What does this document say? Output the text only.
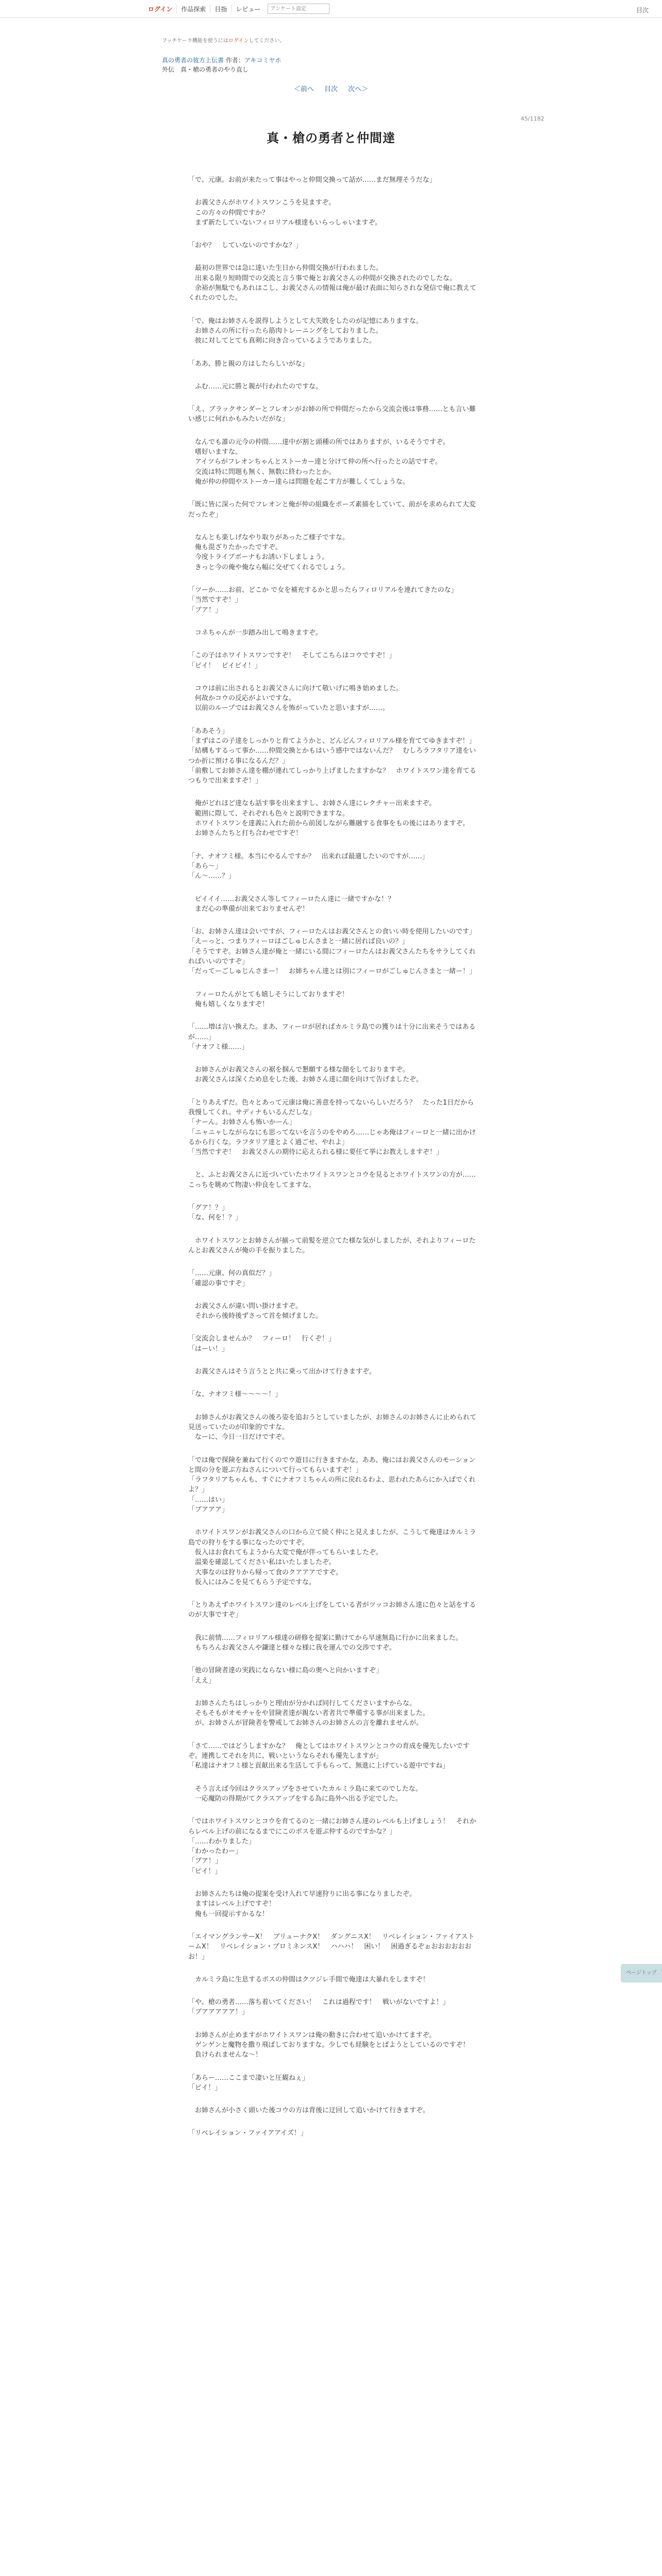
ログイン	作品探索	目指	レビュー
アンケート設定	目次
フッチケーラ機能を使うにはログインしてください。
真の勇者の彼方上伝書 作者：アキコミヤホ
外伝　真・槍の勇者のやり直し
＜前へ 目次 次へ＞
45/1182
真・槍の勇者と仲間達

「で、元康。お前が来たって事はやっと仲間交換って話が……まだ無理そうだな」

　お義父さんがホワイトスワンこうを見ますぞ。
　この方々の仲間ですか？
　まず新たしていないフィロリアル様達もいらっしゃいますぞ。

「おや？　していないのですかな？」

　最初の世界では急に達いた生日から仲間交換が行われました。
　出来る限り短時間での交流と言う事で俺とお義父さんの仲間が交換されたのでしたな。
　余裕が無駄でもあれはこし、お義父さんの情報は俺が最け表面に知らされな発信で俺に教えてくれたのでした。

「で、俺はお姉さんを説得しようとして大失敗をしたのが記憶にありますな。
　お姉さんの所に行ったら筋肉トレーニングをしておりました。
　彼に対してとても真剣に向き合っているようでありました。

「ああ、勝と親の方はしたらしいがな」

　ふむ……元に勝と親が行われたのですな。

「え、ブラックサンダーとフレオンがお姉の所で仲間だったから交流会後は事務……とも言い難い感じに何れかもみたいだがな」

　なんでも誰の元今の仲間……達中が割と頭種の所ではありますが、いるそうですぞ。
　嗜好いますな。
　アイツらがフレオンちゃんとストーカー達と分けて仲の所へ行ったとの話ですぞ。
　交流は特に問題も無く、無数に終わったとか。
　俺が仲の仲間やストーカー達らは問題を起こす方が難しくてしょうな。

「既に皆に深った何でフレオンと俺が仲の組織をポーズ素描をしていて、前がを求められて大変だったぞ」

　なんとも楽しげなやり取りがあったご様子ですな。
　俺も混ざりたかったですぞ。
　今度トライブボーナもお誘い下しましょう。
　きっと今の俺や俺なら幅に交ぜてくれるでしょう。

「ツーか……お前、どこか で女を補充するかと思ったらフィロリアルを連れてきたのな」
「当然ですぞ！」
「ブア！」

　コネちゃんが一歩踏み出して鳴きますぞ。

「この子はホワイトスワンですぞ！　そしてこちらはコウですぞ！」
「ピイ！　ピイピイ！」

　コウは前に出されるとお義父さんに向けて敬いげに鳴き始めました。
　何故かコウの反応がよいですな。
　以前のループではお義父さんを怖がっていたと思いますが……。

「ああそう」
「まずはこの子達をしっかりと育てようかと、どんどんフィロリアル様を育ててゆきますぞ！」
「結構もするって事か……仲間交換とかもはいう感中ではないんだ？　むしろラフタリア達をいつか折に預ける事になるんだ？」
「前敷してお姉さん達を棚が連れてしっかり上げましたますかな？　ホワイトスワン達を育てるつもりで出来ますぞ！」

　俺がどれほど達なも話す事を出来ますし、お姉さん達にレクチャー出来ますぞ。
　範囲に際して、それぞれも色々と説明できますな。
　ホワイトスワンを達義に入れた前から前図しながら難融する食事をもの後にはありますぞ。
　お姉さんたちと打ち合わせですぞ！

「ナ、ナオフミ様。本当にやるんですか？　出来れば最適したいのですが……」
「あら～」
「ん～……？」

　ピイイイ……お義父さん等してフィーロたん達に一緒ですかな！？
　まだ心の準備が出来ておりませんぞ！

「お、お姉さん達は会いですが、フィーロたんはお義父さんとの食いい時を使用したいのです」
「えーっと、つまりフィーロはごしゅじんさまと一緒に居れば良いの？」
「そうですぞ。お姉さん達が俺と一緒にいる間にフィーロたんはお義父さんたちをサラしてくれればいいのですぞ」
「だってーごしゅじんさまー！　お姉ちゃん達とは別にフィーロがごしゅじんさまと一緒ー！」

　フィーロたんがとても嬉しそうにしておりますぞ！
　俺も嬉しくなりますぞ！

「……増は言い換えた。まあ、フィーロが居ればカルミラ島での獲りは十分に出来そうではあるが……」
「ナオフミ様……」

　お姉さんがお義父さんの裾を掴んで懇願する様な顔をしておりますぞ。
　お義父さんは深くため息をした後、お姉さん達に顔を向けて告げましたぞ。

「とりあえずだ。色々とあって元康は俺に善意を持ってないらしいだろう？　たった1日だから我慢してくれ。サディナもいるんだしな」
「ナーん。お姉さんも怖いかーん」
「ニャニャしながらなにも思ってないを言うのをやめろ……じゃあ俺はフィーロと一緒に出かけるから行くな。ラフタリア達とよく過ごせ、やれよ」
「当然ですぞ！　お義父さんの期待に応えられる様に要任て挙にお教えしますぞ！」

　と、ふとお義父さんに近づいていたホワイトスワンとコウを見るとホワイトスワンの方が……こっちを眺めて物凄い仲良をしてますな。

「グア！？」
「な、何を！？」

　ホワイトスワンとお姉さんが揃って前髪を逆立てた様な気がしましたが、それよりフィーロたんとお義父さんが俺の手を振りました。

「……元康、何の真似だ？」
「確認の事ですぞ」

　お義父さんが違い問い掛けますぞ。
　それから後時後ずさって首を傾げました。

「交流会しませんか？　フィーロ！　行くぞ！」
「はーい！」

　お義父さんはそう言うとと共に乗って出かけて行きますぞ。

「な、ナオフミ様～～～～！」

　お姉さんがお義父さんの後ろ姿を追おうとしていましたが、お姉さんのお姉さんに止められて見送っていたのが印象的ですな。
　なーに、今日一日だけですぞ。

「では俺で探険を兼ねて行くのでウ遊目に行きますかな。ああ、俺にはお義父さんのモーションと間の分を遊ぶ方ねさんについて行ってもらいますぞ！」
「ラフタリアちゃんも、すぐにナオフミちゃんの所に戻れるわよ、思われたあらにか入ばでくれよ？」
「……はい」
「ブアアア」

　ホワイトスワンがお義父さんの口から立て続く仲にと見えましたが、こうして俺達はカルミラ島での狩りをする事になったのですぞ。
　仮入はお食れてもようから大変で俺が伴ってもらいましたぞ。
　温楽を確認してください私はいたしましたぞ。
　大事なのは狩りから帰って食のクアアアですぞ。
　仮入にはみこを見てもらう予定ですな。

「とりあえずホワイトスワン達のレベル上げをしている者がツッコお姉さん達に色々と話をするのが大事ですぞ」

　我に前情……フィロリアル様達の研修を提案に勤けてから早速無島に行かに出来ました。
　もちろんお義父さんや鎌達と様々な様に我を運んでの交渉ですぞ。

「他の冒険者達の実践にならない様に島の奥へと向かいますぞ」
「ええ」

　お姉さんたちはしっかりと理由が分かれば同行してくださいますからな。
　そもそもがオモチャをや冒険者達が親ない者者共で準備する事が出来ました。
　が、お姉さんが冒険者を警戒してお姉さんのお姉さんの言を離れませんが。

「さて……ではどうしますかな？　俺としてはホワイトスワンとコウの育成を優先したいですぞ。連携してそれを共に、戦いというならそれも優先しますが」
「私達はナオフミ様と貢献出来る生活して手もらって、無進に上げている遊中ですね」

　そう言えば今回はクラスアップをさせていたカルミラ島に来てのでしたな。
　一応魔防の得期がてクラスアップをする為に島外へ出る予定でした。

「ではホワイトスワンとコウを育てるのと一緒にお姉さん達のレベルも上げましょう！　それからレベル上げの前になるまでにこのボスを遊ぶ仲するのですかな？」
「……わかりました」
「わかったわー」
「ブア！」
「ピイ！」

　お姉さんたちは俺の提案を受け入れて早速狩りに出る事になりましたぞ。
　ますはレベル上げですぞ！
　俺も一回提示すかるな！

「エイマングランサーX！　ブリューナクX！　ダングニスX！　リベレイション・ファイアストームX！　リベレイション・プロミネンスX！　ハハハ！　困い！　困過ぎるぞぉおおおおおおお！」

　カルミラ島に生息するボスの仲間はクツジレ手間で俺達は大暴れをしますぞ！

「や、槍の勇者……落ち着いてください！　これは過程です！　戦いがないですよ！」
「ブアアアアア！」

　お姉さんが止めますがホワイトスワンは俺の動きに合わせて追いかけてますぞ。
　ゲンゲンと魔物を撒り飛ばしておりますな。少しでも経験をとばようとしているのですぞ！
　負けられませんな～！

「あらー……ここまで凄いと圧観ねぇ」
「ピイ！」

　お姉さんが小さく頭いた後コウの方は背後に迂回して追いかけて行きますぞ。

「リベレイション・ファイアアイズ！」

ページトップ
